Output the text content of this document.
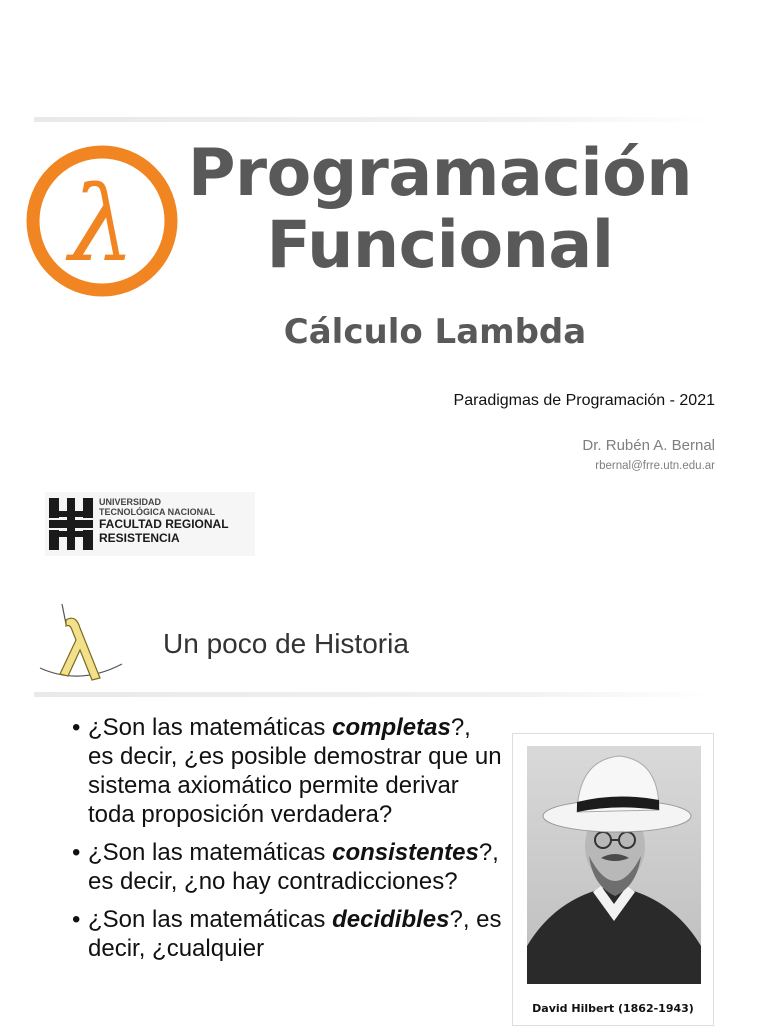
λ Programación
Funcional
Cálculo Lambda
Paradigmas de Programación - 2021
Dr. Rubén A. Bernal
rbernal@frre.utn.edu.ar
UNIVERSIDAD
TECNOLÓGICA NACIONAL
FACULTAD REGIONAL
RESISTENCIA
Un poco de Historia
• ¿Son las matemáticas completas?, es decir, ¿es posible demostrar que un sistema axiomático permite derivar toda proposición verdadera?
• ¿Son las matemáticas consistentes?, es decir, ¿no hay contradicciones?
• ¿Son las matemáticas decidibles?, es decir, ¿cualquier
David Hilbert (1862-1943)
